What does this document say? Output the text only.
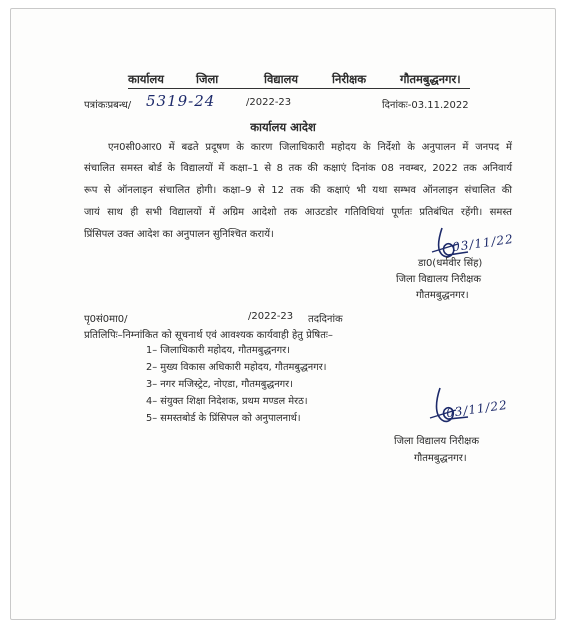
कार्यालय	जिला	विद्यालय	निरीक्षक	गौतमबुद्धनगर।
पत्रांकःप्रबन्ध/ 5319-24	/2022-23	दिनांकः-03.11.2022
कार्यालय आदेश
एन0सी0आर0 में बढते प्रदूषण के कारण जिलाधिकारी महोदय के निर्देशो के अनुपालन में जनपद में
संचालित समस्त बोर्ड के विद्यालयों में कक्षा–1 से 8 तक की कक्षाएं दिनांक 08 नवम्बर, 2022 तक अनिवार्य
रूप से ऑनलाइन संचालित होगी। कक्षा–9 से 12 तक की कक्षाएं भी यथा सम्भव ऑनलाइन संचालित की
जायं साथ ही सभी विद्यालयों में अग्रिम आदेशो तक आउटडोर गतिविधियां पूर्णतः प्रतिबंधित रहेंगी। समस्त
प्रिंसिपल उक्त आदेश का अनुपालन सुनिश्चित करायें।	03/11/22
डा0(धर्मवीर सिंह)
जिला विद्यालय निरीक्षक
गौतमबुद्धनगर।
पृ0सं0मा0/	/2022-23 तददिनांक
प्रतिलिपिः–निम्नांकित को सूचनार्थ एवं आवश्यक कार्यवाही हेतु प्रेषितः–
1– जिलाधिकारी महोदय, गौतमबुद्धनगर।
2– मुख्य विकास अधिकारी महोदय, गौतमबुद्धनगर।
3– नगर मजिस्ट्रेट, नोएडा, गौतमबुद्धनगर।
4– संयुक्त शिक्षा निदेशक, प्रथम मण्डल मेरठ।
5– समस्तबोर्ड के प्रिंसिपल को अनुपालनार्थ।	03/11/22
जिला विद्यालय निरीक्षक
गौतमबुद्धनगर।
